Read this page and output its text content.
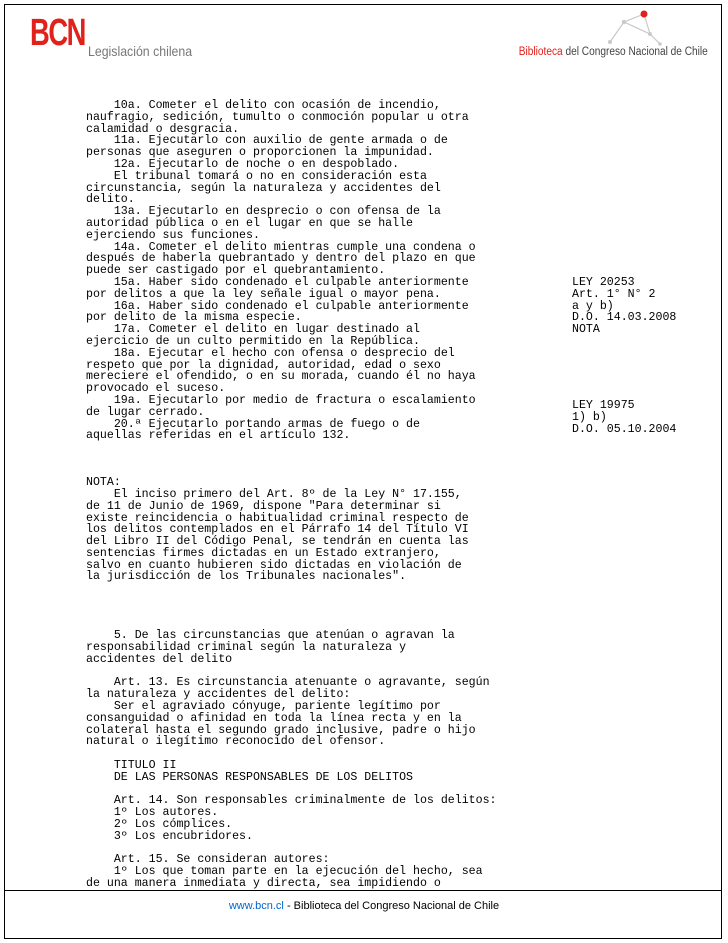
BCN Legislación chilena	Biblioteca del Congreso Nacional de Chile
10a. Cometer el delito con ocasión de incendio,
naufragio, sedición, tumulto o conmoción popular u otra
calamidad o desgracia.
11a. Ejecutarlo con auxilio de gente armada o de
personas que aseguren o proporcionen la impunidad.
12a. Ejecutarlo de noche o en despoblado.
El tribunal tomará o no en consideración esta
circunstancia, según la naturaleza y accidentes del
delito.
13a. Ejecutarlo en desprecio o con ofensa de la
autoridad pública o en el lugar en que se halle
ejerciendo sus funciones.
14a. Cometer el delito mientras cumple una condena o
después de haberla quebrantado y dentro del plazo en que
puede ser castigado por el quebrantamiento.
15a. Haber sido condenado el culpable anteriormente
por delitos a que la ley señale igual o mayor pena.
16a. Haber sido condenado el culpable anteriormente
por delito de la misma especie.
17a. Cometer el delito en lugar destinado al
ejercicio de un culto permitido en la República.
18a. Ejecutar el hecho con ofensa o desprecio del
respeto que por la dignidad, autoridad, edad o sexo
mereciere el ofendido, o en su morada, cuando él no haya
provocado el suceso.
19a. Ejecutarlo por medio de fractura o escalamiento
de lugar cerrado.
20.ª Ejecutarlo portando armas de fuego o de
aquellas referidas en el artículo 132.
NOTA:
El inciso primero del Art. 8º de la Ley N° 17.155,
de 11 de Junio de 1969, dispone "Para determinar si
existe reincidencia o habitualidad criminal respecto de
los delitos contemplados en el Párrafo 14 del Título VI
del Libro II del Código Penal, se tendrán en cuenta las
sentencias firmes dictadas en un Estado extranjero,
salvo en cuanto hubieren sido dictadas en violación de
la jurisdicción de los Tribunales nacionales".
5. De las circunstancias que atenúan o agravan la
responsabilidad criminal según la naturaleza y
accidentes del delito
Art. 13. Es circunstancia atenuante o agravante, según
la naturaleza y accidentes del delito:
Ser el agraviado cónyuge, pariente legítimo por
consanguidad o afinidad en toda la línea recta y en la
colateral hasta el segundo grado inclusive, padre o hijo
natural o ilegítimo reconocido del ofensor.
TITULO II
DE LAS PERSONAS RESPONSABLES DE LOS DELITOS
Art. 14. Son responsables criminalmente de los delitos:
1º Los autores.
2º Los cómplices.
3º Los encubridores.
Art. 15. Se consideran autores:
1º Los que toman parte en la ejecución del hecho, sea
de una manera inmediata y directa, sea impidiendo o
LEY 20253
Art. 1° N° 2
a y b)
D.O. 14.03.2008
NOTA
LEY 19975
1) b)
D.O. 05.10.2004
www.bcn.cl - Biblioteca del Congreso Nacional de Chile
